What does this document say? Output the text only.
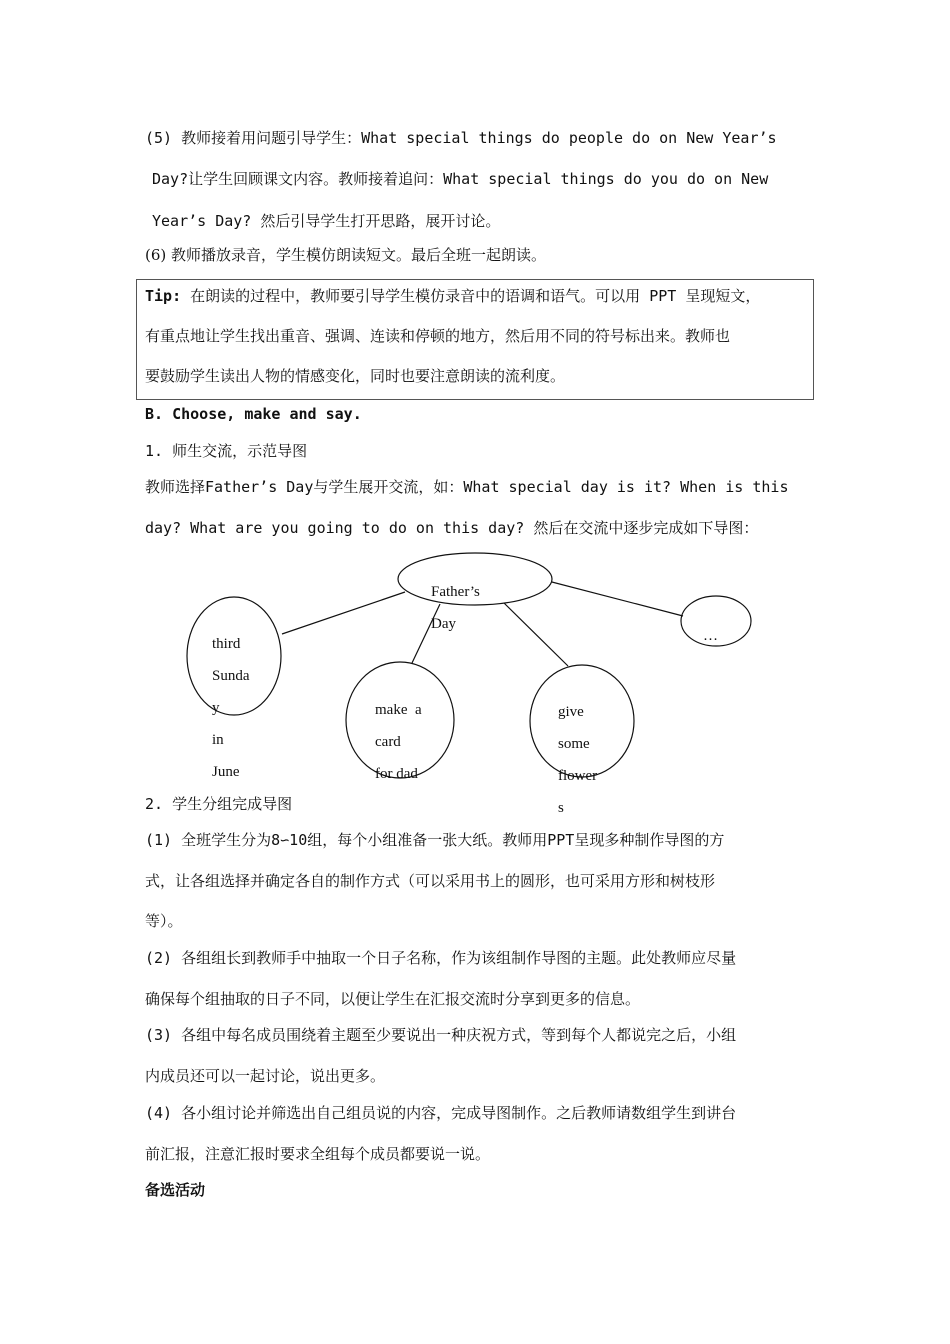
(5) 教师接着用问题引导学生：What special things do people do on New Year’s
Day?让学生回顾课文内容。教师接着追问：What special things do you do on New
Year’s Day? 然后引导学生打开思路，展开讨论。
(6) 教师播放录音，学生模仿朗读短文。最后全班一起朗读。
Tip: 在朗读的过程中，教师要引导学生模仿录音中的语调和语气。可以用 PPT 呈现短文，
有重点地让学生找出重音、强调、连读和停顿的地方，然后用不同的符号标出来。教师也
要鼓励学生读出人物的情感变化，同时也要注意朗读的流利度。
B. Choose, make and say.
1. 师生交流，示范导图
教师选择Father’s Day与学生展开交流，如：What special day is it? When is this
day? What are you going to do on this day? 然后在交流中逐步完成如下导图：
Father’s
Day
third
Sunda
y
in
June
make  a
card
for dad
give
some
flower
s
…
2. 学生分组完成导图
(1) 全班学生分为8∽10组，每个小组准备一张大纸。教师用PPT呈现多种制作导图的方
式，让各组选择并确定各自的制作方式（可以采用书上的圆形，也可采用方形和树枝形
等）。
(2) 各组组长到教师手中抽取一个日子名称，作为该组制作导图的主题。此处教师应尽量
确保每个组抽取的日子不同，以便让学生在汇报交流时分享到更多的信息。
(3) 各组中每名成员围绕着主题至少要说出一种庆祝方式，等到每个人都说完之后，小组
内成员还可以一起讨论，说出更多。
(4) 各小组讨论并筛选出自己组员说的内容，完成导图制作。之后教师请数组学生到讲台
前汇报，注意汇报时要求全组每个成员都要说一说。
备选活动
